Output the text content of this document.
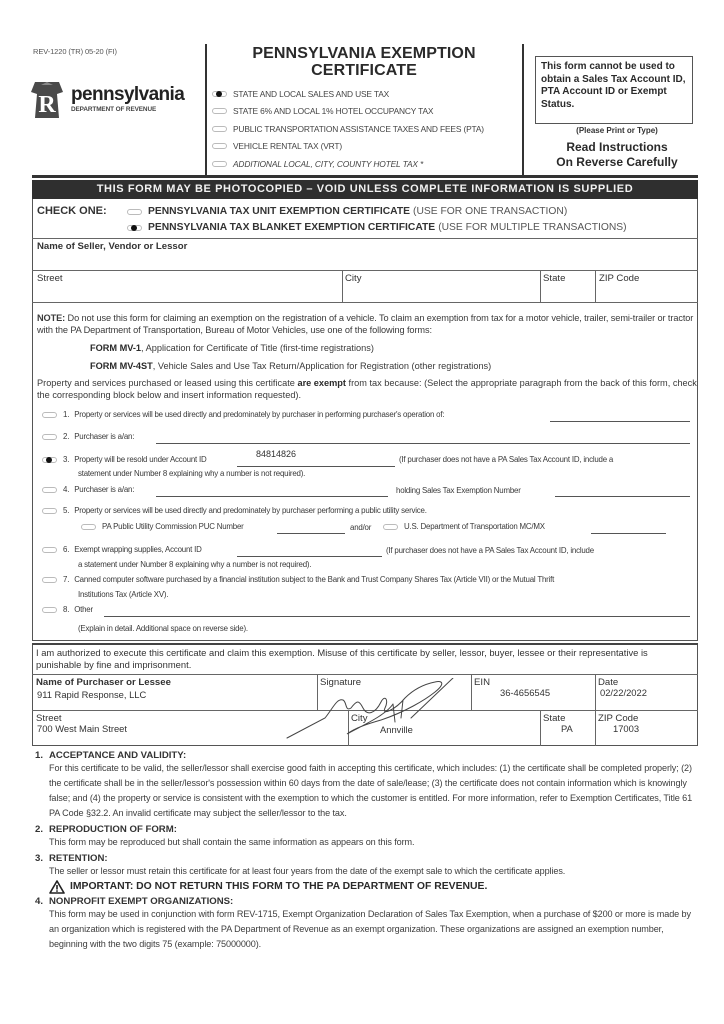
REV-1220 (TR) 05-20 (FI)
R pennsylvania
DEPARTMENT OF REVENUE
PENNSYLVANIA EXEMPTION
CERTIFICATE
STATE AND LOCAL SALES AND USE TAX
STATE 6% AND LOCAL 1% HOTEL OCCUPANCY TAX
PUBLIC TRANSPORTATION ASSISTANCE TAXES AND FEES (PTA)
VEHICLE RENTAL TAX (VRT)
ADDITIONAL LOCAL, CITY, COUNTY HOTEL TAX *
This form cannot be used to obtain a Sales Tax Account ID, PTA Account ID or Exempt Status.
(Please Print or Type)
Read Instructions
On Reverse Carefully
THIS FORM MAY BE PHOTOCOPIED – VOID UNLESS COMPLETE INFORMATION IS SUPPLIED
CHECK ONE:	PENNSYLVANIA TAX UNIT EXEMPTION CERTIFICATE (USE FOR ONE TRANSACTION)
PENNSYLVANIA TAX BLANKET EXEMPTION CERTIFICATE (USE FOR MULTIPLE TRANSACTIONS)
Name of Seller, Vendor or Lessor
Street	City	State	ZIP Code
NOTE: Do not use this form for claiming an exemption on the registration of a vehicle. To claim an exemption from tax for a motor vehicle, trailer, semi-trailer or tractor with the PA Department of Transportation, Bureau of Motor Vehicles, use one of the following forms:
FORM MV-1, Application for Certificate of Title (first-time registrations)
FORM MV-4ST, Vehicle Sales and Use Tax Return/Application for Registration (other registrations)
Property and services purchased or leased using this certificate are exempt from tax because: (Select the appropriate paragraph from the back of this form, check the corresponding block below and insert information requested).
1. Property or services will be used directly and predominately by purchaser in performing purchaser's operation of:
2. Purchaser is a/an:
3. Property will be resold under Account ID
84814826
(If purchaser does not have a PA Sales Tax Account ID, include a
statement under Number 8 explaining why a number is not required).
4. Purchaser is a/an:	holding Sales Tax Exemption Number
5. Property or services will be used directly and predominately by purchaser performing a public utility service.
PA Public Utility Commission PUC Number	and/or	U.S. Department of Transportation MC/MX
6. Exempt wrapping supplies, Account ID	(If purchaser does not have a PA Sales Tax Account ID, include
a statement under Number 8 explaining why a number is not required).
7. Canned computer software purchased by a financial institution subject to the Bank and Trust Company Shares Tax (Article VII) or the Mutual Thrift
Institutions Tax (Article XV).
8. Other
(Explain in detail. Additional space on reverse side).
I am authorized to execute this certificate and claim this exemption. Misuse of this certificate by seller, lessor, buyer, lessee or their representative is punishable by fine and imprisonment.
Name of Purchaser or Lessee
911 Rapid Response, LLC
Signature	EIN
36-4656545
Date
02/22/2022
Street
700 West Main Street
City
Annville
State
PA
ZIP Code
17003
1. ACCEPTANCE AND VALIDITY:
For this certificate to be valid, the seller/lessor shall exercise good faith in accepting this certificate, which includes: (1) the certificate shall be completed properly; (2) the certificate shall be in the seller/lessor's possession within 60 days from the date of sale/lease; (3) the certificate does not contain information which is knowingly false; and (4) the property or service is consistent with the exemption to which the customer is entitled. For more information, refer to Exemption Certificates, Title 61 PA Code §32.2. An invalid certificate may subject the seller/lessor to the tax.
2. REPRODUCTION OF FORM:
This form may be reproduced but shall contain the same information as appears on this form.
3. RETENTION:
The seller or lessor must retain this certificate for at least four years from the date of the exempt sale to which the certificate applies.
IMPORTANT: DO NOT RETURN THIS FORM TO THE PA DEPARTMENT OF REVENUE.
4. NONPROFIT EXEMPT ORGANIZATIONS:
This form may be used in conjunction with form REV-1715, Exempt Organization Declaration of Sales Tax Exemption, when a purchase of $200 or more is made by an organization which is registered with the PA Department of Revenue as an exempt organization. These organizations are assigned an exemption number, beginning with the two digits 75 (example: 75000000).
